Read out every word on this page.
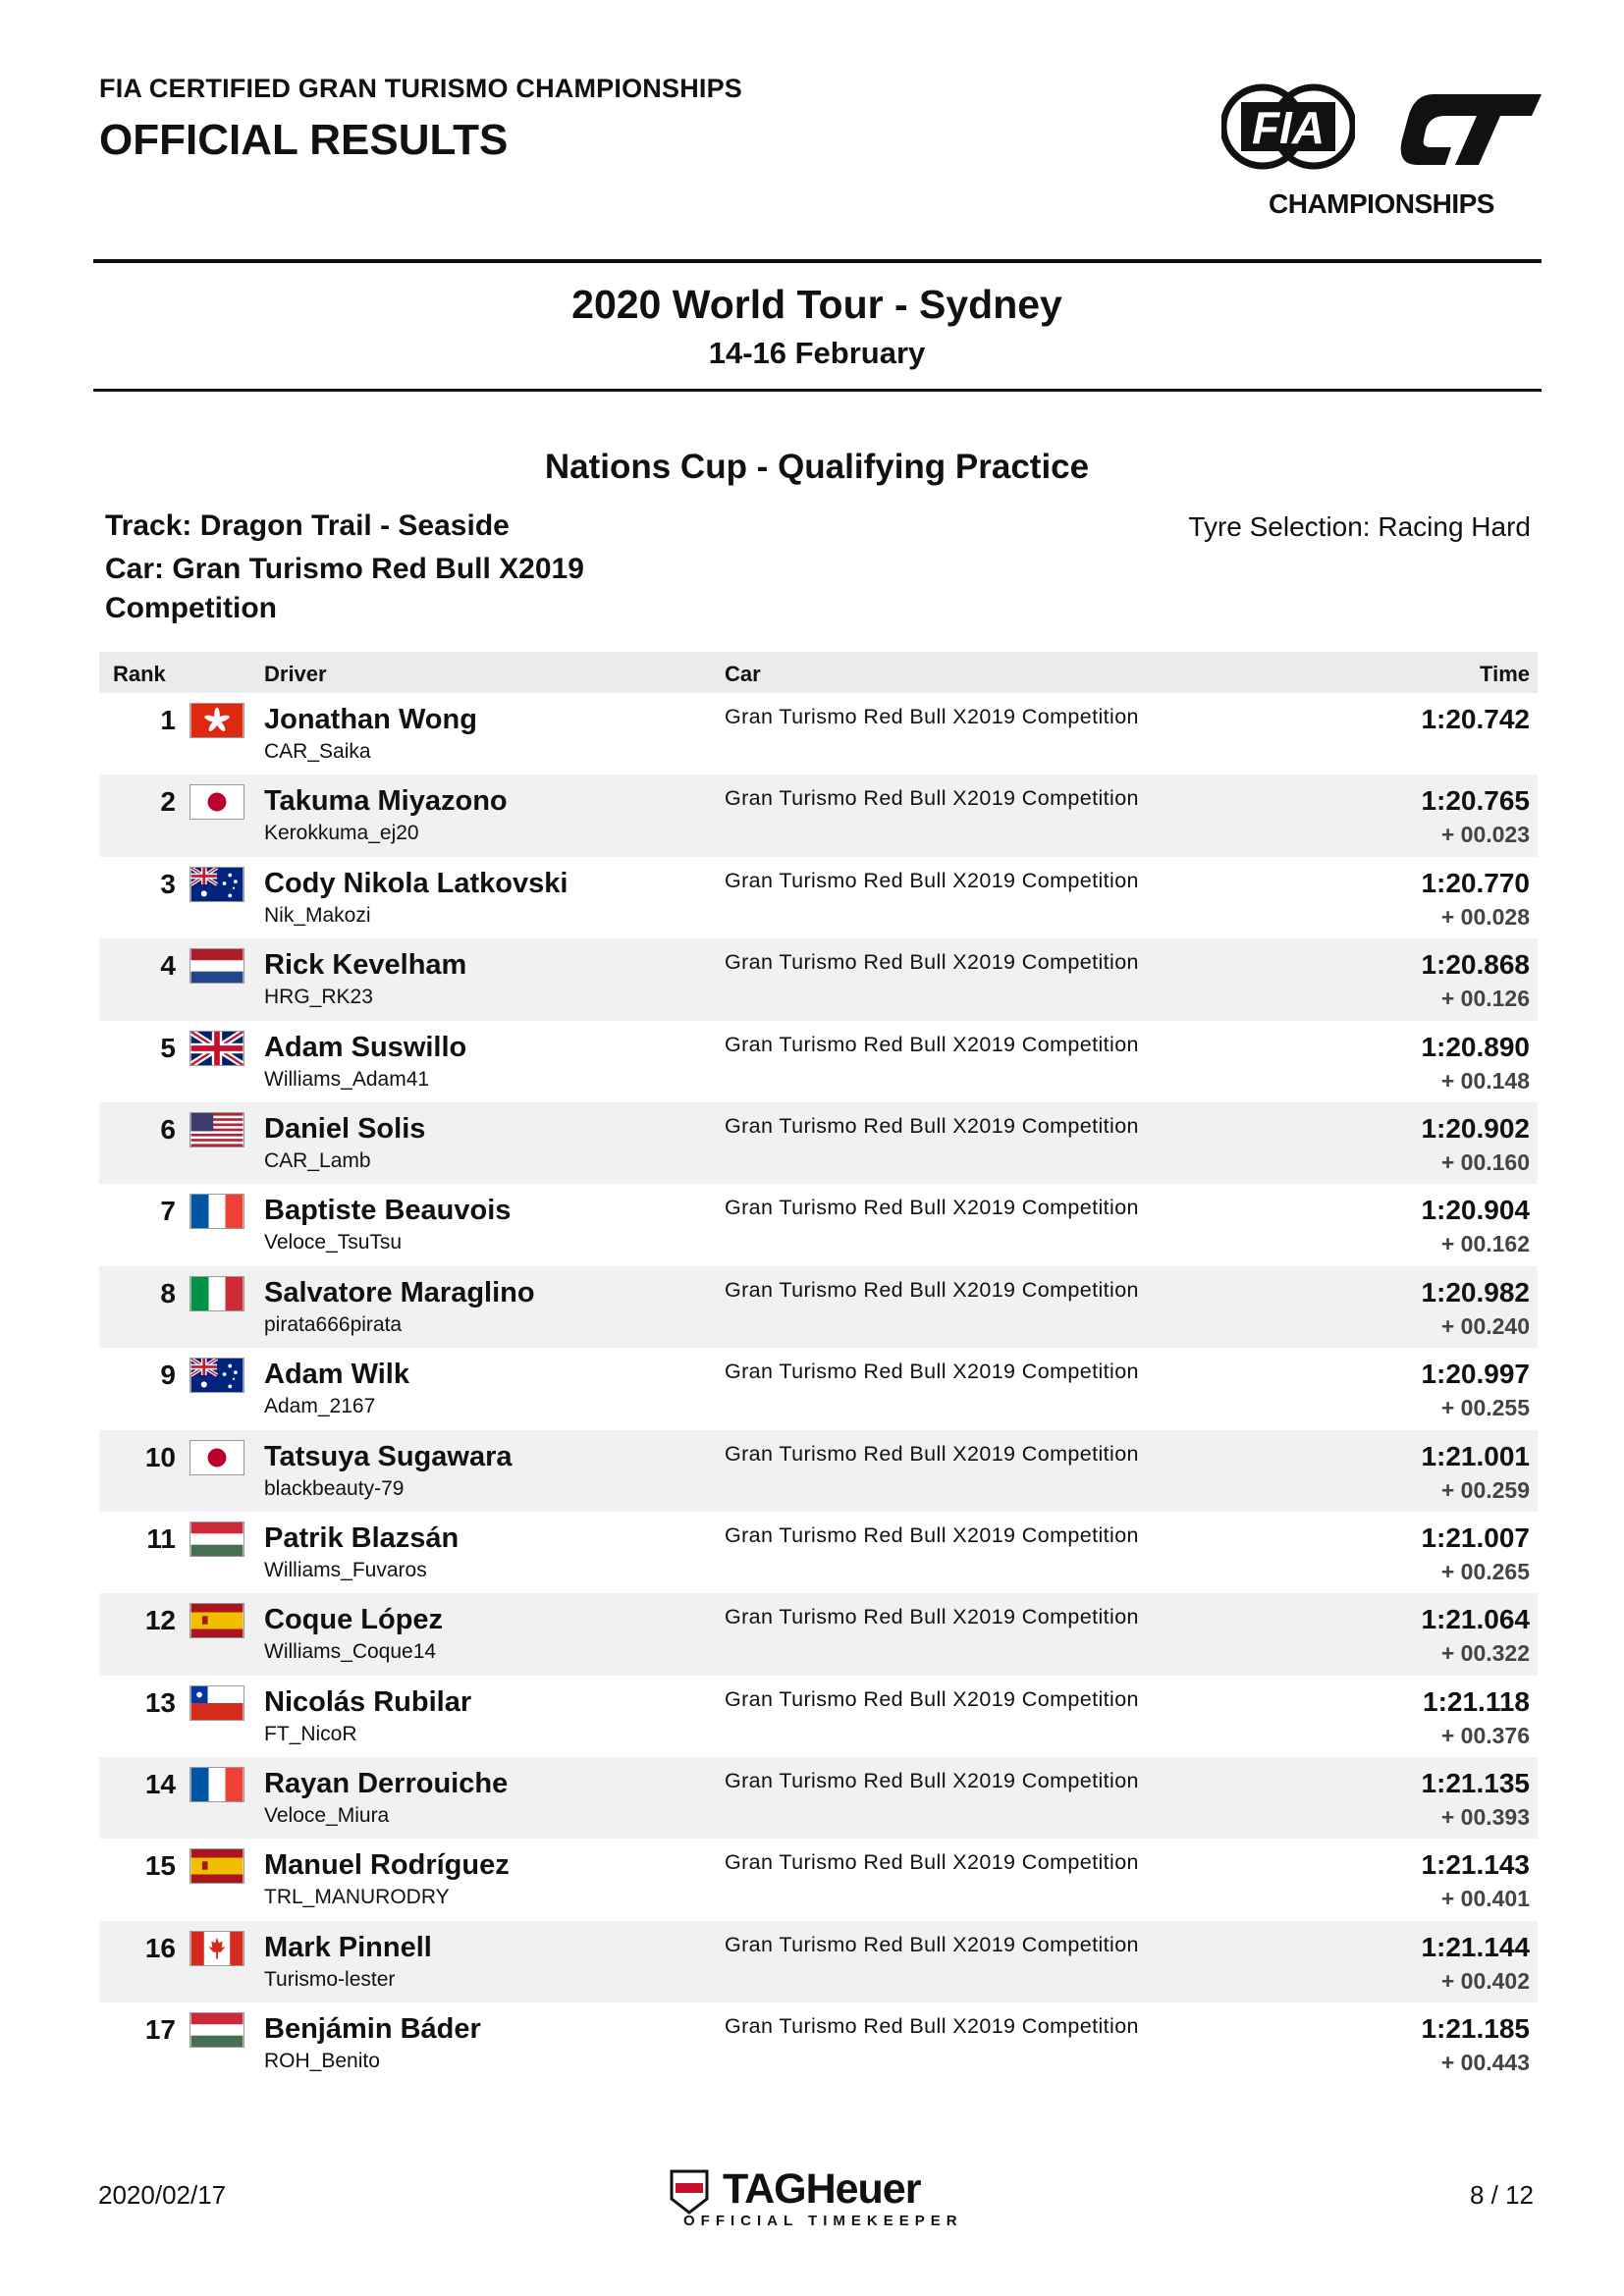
FIA CERTIFIED GRAN TURISMO CHAMPIONSHIPS
OFFICIAL RESULTS	FIA
CHAMPIONSHIPS
2020 World Tour - Sydney
14-16 February
Nations Cup - Qualifying Practice
Track: Dragon Trail - Seaside
Car: Gran Turismo Red Bull X2019 Competition
Tyre Selection: Racing Hard
Rank	Driver	Car	Time
1	Jonathan Wong
CAR_Saika
Gran Turismo Red Bull X2019 Competition	1:20.742
2	Takuma Miyazono
Kerokkuma_ej20
Gran Turismo Red Bull X2019 Competition	1:20.765
+ 00.023
3	Cody Nikola Latkovski
Nik_Makozi
Gran Turismo Red Bull X2019 Competition	1:20.770
+ 00.028
4	Rick Kevelham
HRG_RK23
Gran Turismo Red Bull X2019 Competition	1:20.868
+ 00.126
5	Adam Suswillo
Williams_Adam41
Gran Turismo Red Bull X2019 Competition	1:20.890
+ 00.148
6	Daniel Solis
CAR_Lamb
Gran Turismo Red Bull X2019 Competition	1:20.902
+ 00.160
7	Baptiste Beauvois
Veloce_TsuTsu
Gran Turismo Red Bull X2019 Competition	1:20.904
+ 00.162
8	Salvatore Maraglino
pirata666pirata
Gran Turismo Red Bull X2019 Competition	1:20.982
+ 00.240
9	Adam Wilk
Adam_2167
Gran Turismo Red Bull X2019 Competition	1:20.997
+ 00.255
10	Tatsuya Sugawara
blackbeauty-79
Gran Turismo Red Bull X2019 Competition	1:21.001
+ 00.259
11	Patrik Blazsán
Williams_Fuvaros
Gran Turismo Red Bull X2019 Competition	1:21.007
+ 00.265
12	Coque López
Williams_Coque14
Gran Turismo Red Bull X2019 Competition	1:21.064
+ 00.322
13	Nicolás Rubilar
FT_NicoR
Gran Turismo Red Bull X2019 Competition	1:21.118
+ 00.376
14	Rayan Derrouiche
Veloce_Miura
Gran Turismo Red Bull X2019 Competition	1:21.135
+ 00.393
15	Manuel Rodríguez
TRL_MANURODRY
Gran Turismo Red Bull X2019 Competition	1:21.143
+ 00.401
16	Mark Pinnell
Turismo-lester
Gran Turismo Red Bull X2019 Competition	1:21.144
+ 00.402
17	Benjámin Báder
ROH_Benito
Gran Turismo Red Bull X2019 Competition	1:21.185
+ 00.443
2020/02/17	TAGHeuer
OFFICIAL TIMEKEEPER
8 / 12
